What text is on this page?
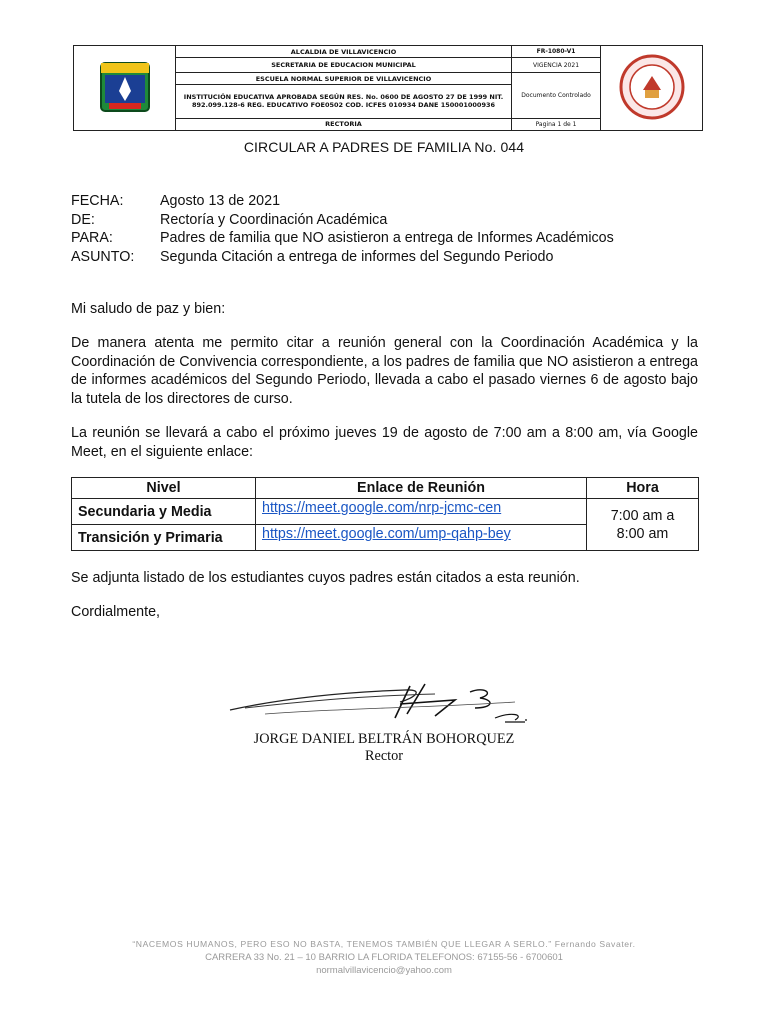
	ALCALDIA DE VILLAVICENCIO	FR-1080-V1	
	SECRETARIA DE EDUCACION MUNICIPAL	VIGENCIA 2021	
	ESCUELA NORMAL SUPERIOR DE VILLAVICENCIO	Documento Controlado	
	INSTITUCIÓN EDUCATIVA APROBADA SEGÚN RES. No. 0600 DE AGOSTO 27 DE 1999 NIT. 892.099.128-6 REG. EDUCATIVO FOE0502 COD. ICFES 010934 DANE 150001000936		
	RECTORIA	Pagina 1 de 1	
CIRCULAR A PADRES DE FAMILIA No. 044
FECHA:	Agosto 13 de 2021
DE:	Rectoría y Coordinación Académica
PARA:	Padres de familia que NO asistieron a entrega de Informes Académicos
ASUNTO:	Segunda Citación a entrega de informes del Segundo Periodo
Mi saludo de paz y bien:
De manera atenta me permito citar a reunión general con la Coordinación Académica y la Coordinación de Convivencia correspondiente, a los padres de familia que NO asistieron a entrega de informes académicos del Segundo Periodo, llevada a cabo el pasado viernes 6 de agosto bajo la tutela de los directores de curso.
La reunión se llevará a cabo el próximo jueves 19 de agosto de 7:00 am a 8:00 am, vía Google Meet, en el siguiente enlace:
Nivel	Enlace de Reunión	Hora
Secundaria y Media	https://meet.google.com/nrp-jcmc-cen	7:00 am a
8:00 am
Transición y Primaria	https://meet.google.com/ump-qahp-bey	
Se adjunta listado de los estudiantes cuyos padres están citados a esta reunión.
Cordialmente,
JORGE DANIEL BELTRÁN BOHORQUEZ
Rector
“NACEMOS HUMANOS, PERO ESO NO BASTA, TENEMOS TAMBIÉN QUE LLEGAR A SERLO.” Fernando Savater.
CARRERA 33 No. 21 – 10 BARRIO LA FLORIDA TELEFONOS: 67155-56 - 6700601
normalvillavicencio@yahoo.com
